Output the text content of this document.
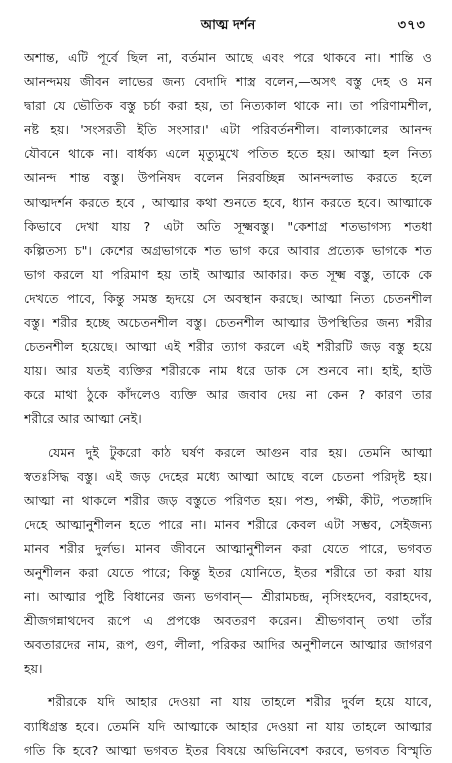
আত্ম দর্শন	৩৭৩
অশান্ত, এটি পূর্বে ছিল না, বর্তমান আছে এবং পরে থাকবে না। শান্তি ও
আনন্দময় জীবন লাভের জন্য বেদাদি শাস্ত্র বলেন,—অসৎ বস্তু দেহ ও মন
দ্বারা যে ভৌতিক বস্তু চর্চা করা হয়, তা নিত্যকাল থাকে না। তা পরিণামশীল,
নষ্ট হয়। 'সংসরতী ইতি সংসার।' এটা পরিবর্তনশীল। বাল্যকালের আনন্দ
যৌবনে থাকে না। বার্ধক্য এলে মৃত্যুমুখে পতিত হতে হয়। আত্মা হল নিত্য
আনন্দ শান্ত বস্তু। উপনিষদ বলেন নিরবচ্ছিন্ন আনন্দলাভ করতে হলে
আত্মদর্শন করতে হবে , আত্মার কথা শুনতে হবে, ধ্যান করতে হবে। আত্মাকে
কিভাবে দেখা যায় ? এটা অতি সূক্ষ্মবস্তু। "কেশাগ্র শতভাগস্য শতধা
কল্পিতস্য চ"। কেশের অগ্রভাগকে শত ভাগ করে আবার প্রত্যেক ভাগকে শত
ভাগ করলে যা পরিমাণ হয় তাই আত্মার আকার। কত সূক্ষ্ম বস্তু, তাকে কে
দেখতে পাবে, কিন্তু সমস্ত হৃদয়ে সে অবস্থান করছে। আত্মা নিত্য চেতনশীল
বস্তু। শরীর হচ্ছে অচেতনশীল বস্তু। চেতনশীল আত্মার উপস্থিতির জন্য শরীর
চেতনশীল হয়েছে। আত্মা এই শরীর ত্যাগ করলে এই শরীরটি জড় বস্তু হয়ে
যায়। আর যতই ব্যক্তির শরীরকে নাম ধরে ডাক সে শুনবে না। হাই, হাউ
করে মাথা ঠুকে কাঁদলেও ব্যক্তি আর জবাব দেয় না কেন ? কারণ তার
শরীরে আর আত্মা নেই।
যেমন দুই টুকরো কাঠ ঘর্ষণ করলে আগুন বার হয়। তেমনি আত্মা
স্বতঃসিদ্ধ বস্তু। এই জড় দেহের মধ্যে আত্মা আছে বলে চেতনা পরিদৃষ্ট হয়।
আত্মা না থাকলে শরীর জড় বস্তুতে পরিণত হয়। পশু, পক্ষী, কীট, পতঙ্গাদি
দেহে আত্মানুশীলন হতে পারে না। মানব শরীরে কেবল এটা সম্ভব, সেইজন্য
মানব শরীর দুর্লভ। মানব জীবনে আত্মানুশীলন করা যেতে পারে, ভগবত
অনুশীলন করা যেতে পারে; কিন্তু ইতর যোনিতে, ইতর শরীরে তা করা যায়
না। আত্মার পুষ্টি বিধানের জন্য ভগবান্— শ্রীরামচন্দ্র, নৃসিংহদেব, বরাহদেব,
শ্রীজগন্নাথদেব রূপে এ প্রপঞ্চে অবতরণ করেন। শ্রীভগবান্ তথা তাঁর
অবতারদের নাম, রূপ, গুণ, লীলা, পরিকর আদির অনুশীলনে আত্মার জাগরণ
হয়।
শরীরকে যদি আহার দেওয়া না যায় তাহলে শরীর দুর্বল হয়ে যাবে,
ব্যাধিগ্রস্ত হবে। তেমনি যদি আত্মাকে আহার দেওয়া না যায় তাহলে আত্মার
গতি কি হবে? আত্মা ভগবত ইতর বিষয়ে অভিনিবেশ করবে, ভগবত বিস্মৃতি
